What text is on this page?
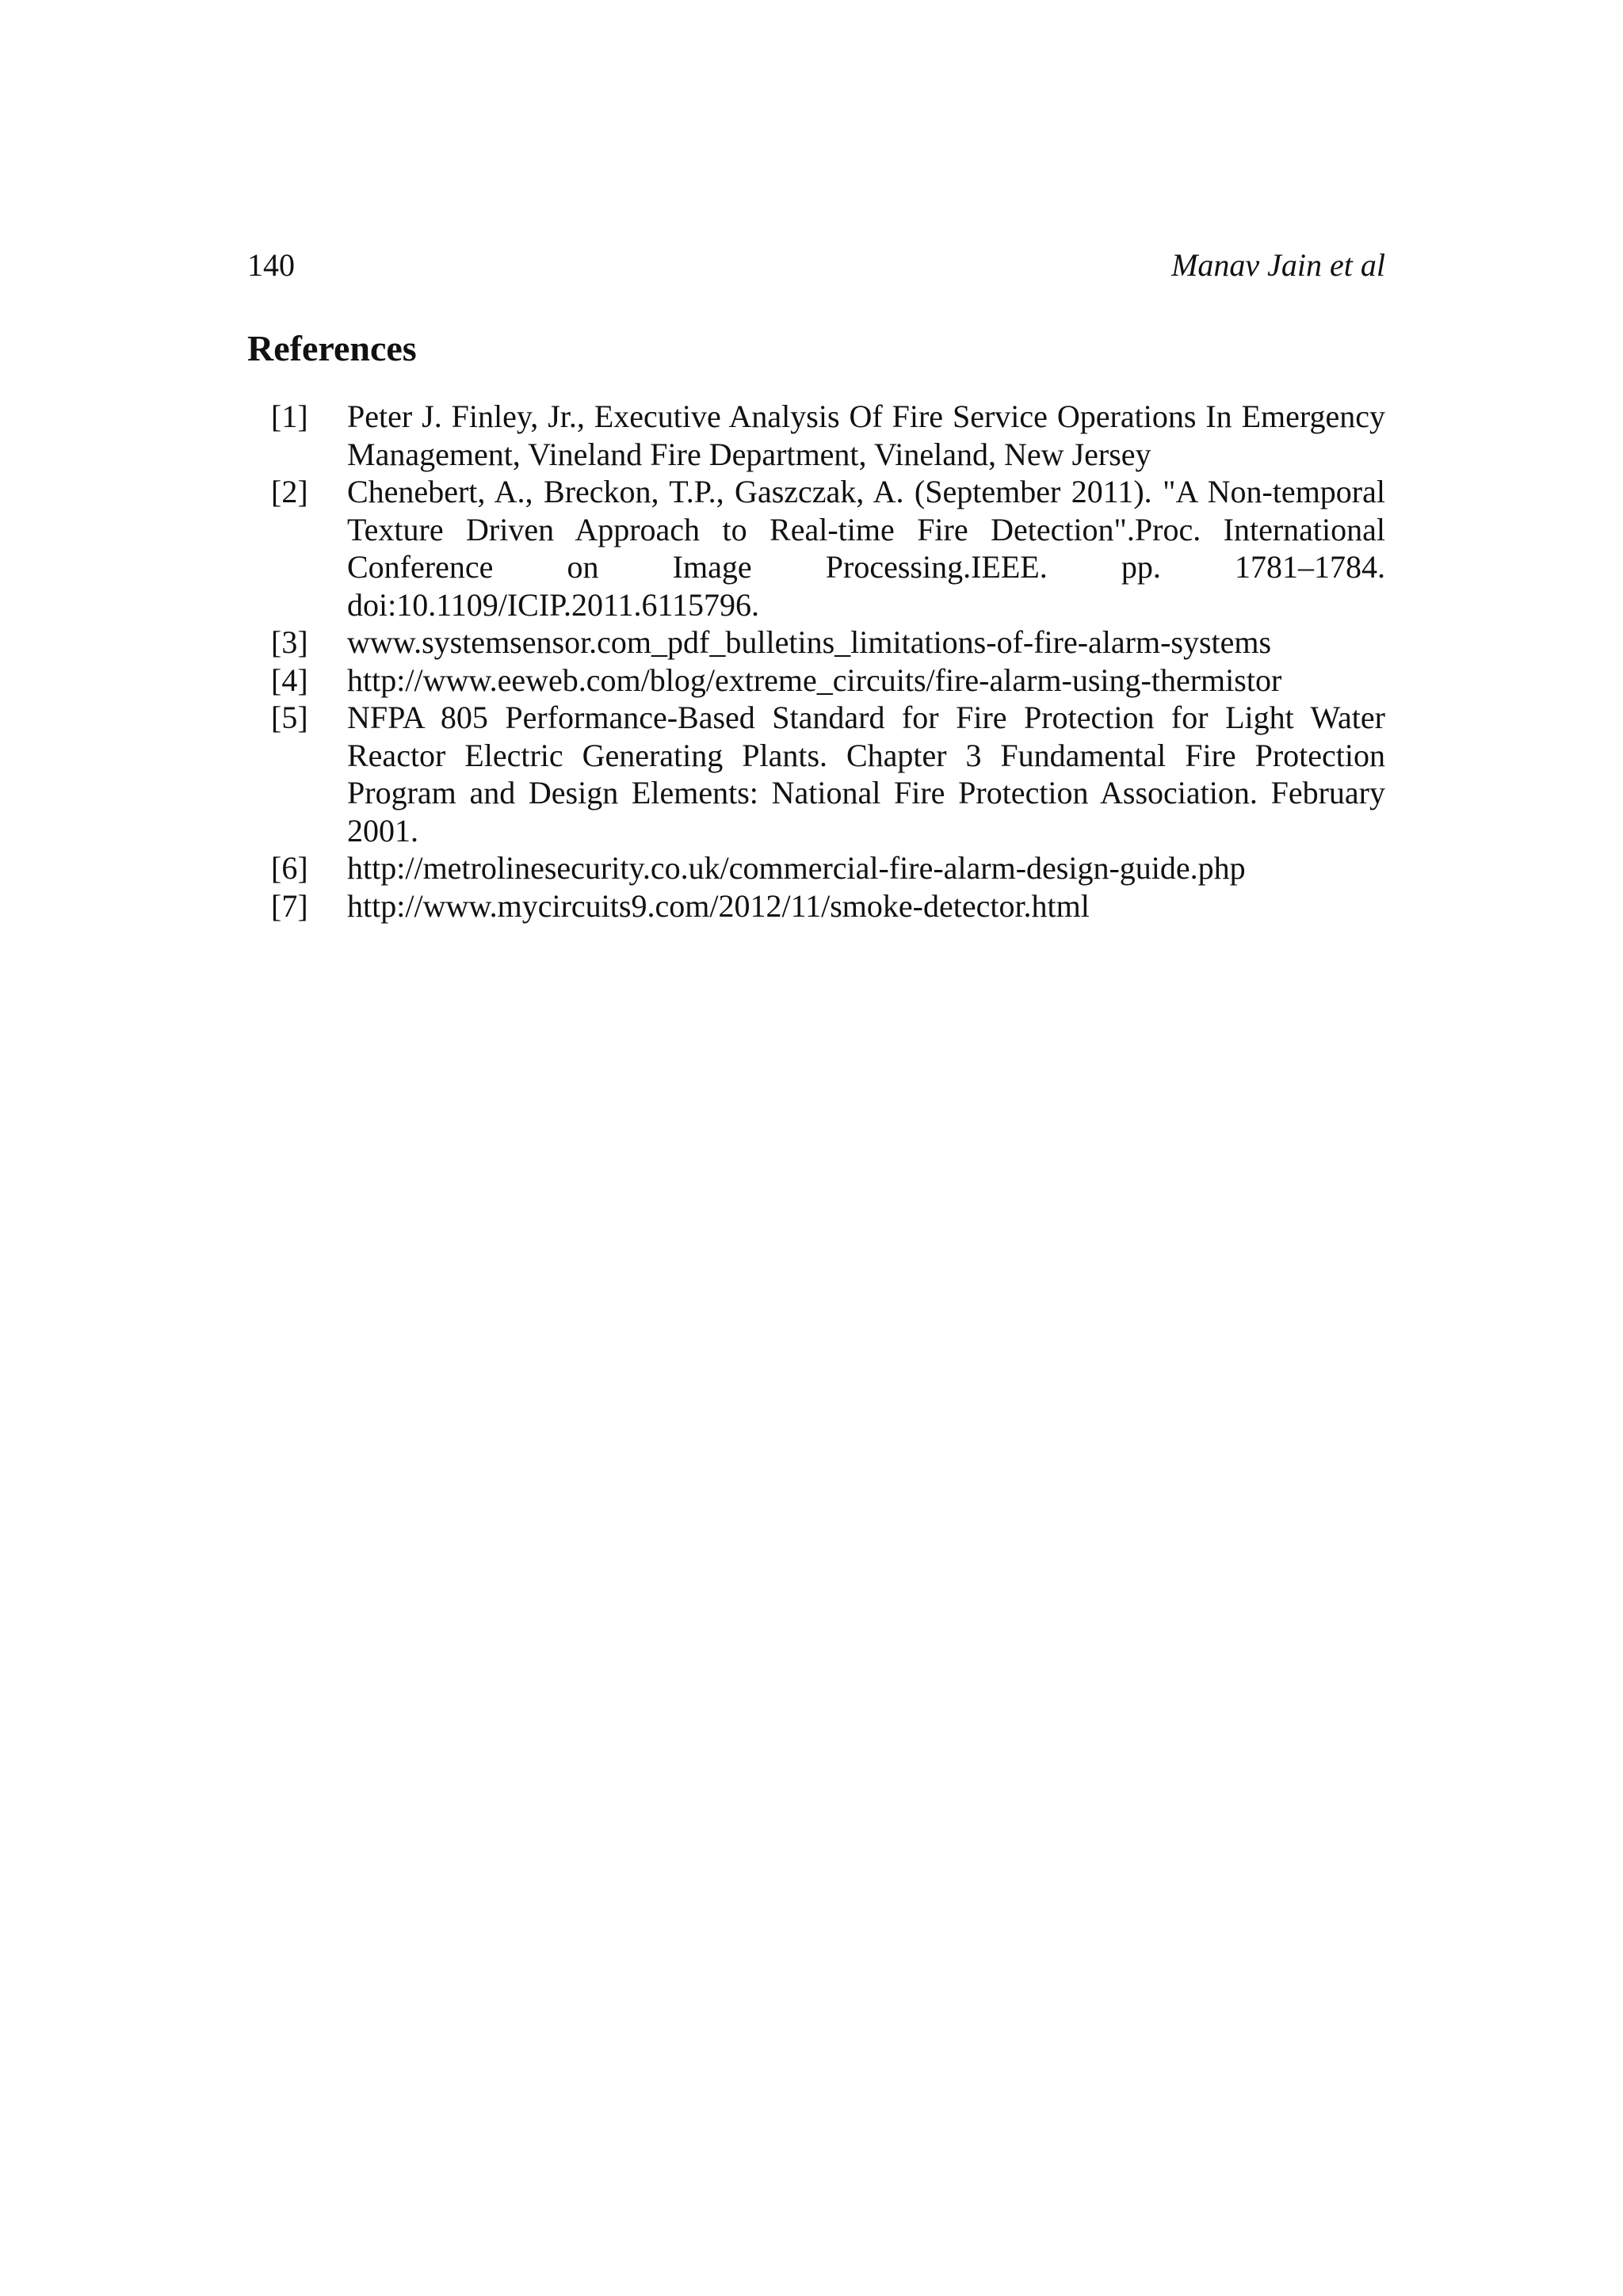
140	Manav Jain et al
References
[1] Peter J. Finley, Jr., Executive Analysis Of Fire Service Operations In Emergency Management, Vineland Fire Department, Vineland, New Jersey
[2] Chenebert, A., Breckon, T.P., Gaszczak, A. (September 2011). "A Non-temporal Texture Driven Approach to Real-time Fire Detection".Proc. International Conference on Image Processing.IEEE. pp. 1781–1784. doi:10.1109/ICIP.2011.6115796.
[3] www.systemsensor.com_pdf_bulletins_limitations-of-fire-alarm-systems
[4] http://www.eeweb.com/blog/extreme_circuits/fire-alarm-using-thermistor
[5] NFPA 805 Performance-Based Standard for Fire Protection for Light Water Reactor Electric Generating Plants. Chapter 3 Fundamental Fire Protection Program and Design Elements: National Fire Protection Association. February 2001.
[6] http://metrolinesecurity.co.uk/commercial-fire-alarm-design-guide.php
[7] http://www.mycircuits9.com/2012/11/smoke-detector.html
